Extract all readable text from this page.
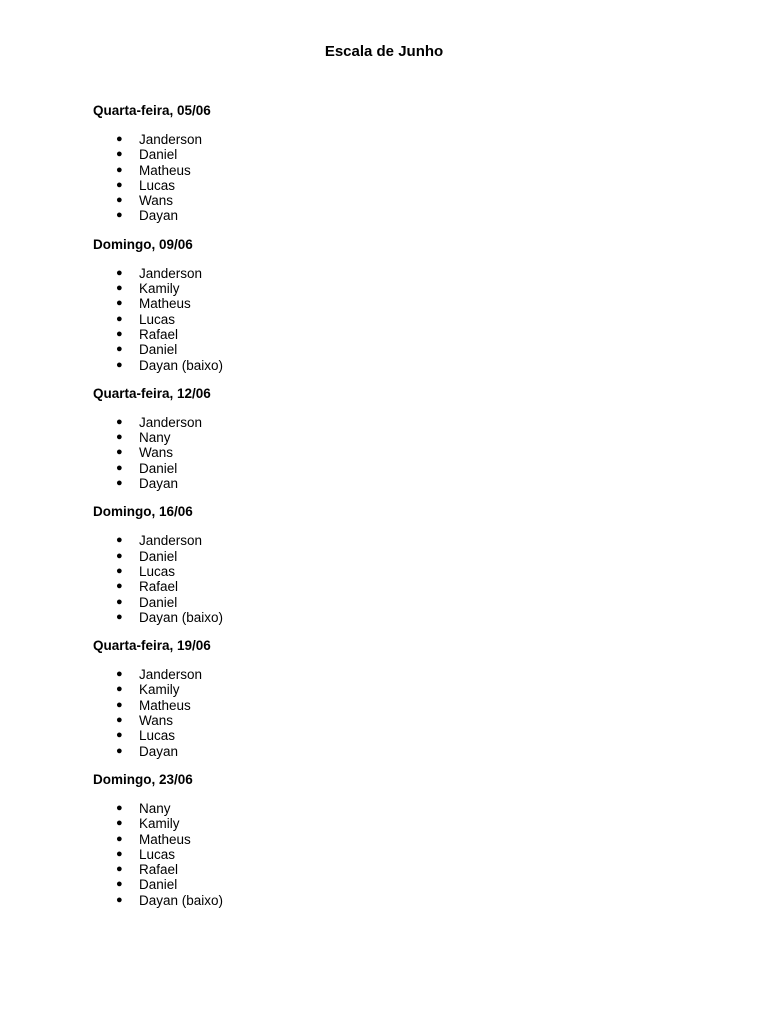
Escala de Junho
Quarta-feira, 05/06
● Janderson
● Daniel
● Matheus
● Lucas
● Wans
● Dayan
Domingo, 09/06
● Janderson
● Kamily
● Matheus
● Lucas
● Rafael
● Daniel
● Dayan (baixo)
Quarta-feira, 12/06
● Janderson
● Nany
● Wans
● Daniel
● Dayan
Domingo, 16/06
● Janderson
● Daniel
● Lucas
● Rafael
● Daniel
● Dayan (baixo)
Quarta-feira, 19/06
● Janderson
● Kamily
● Matheus
● Wans
● Lucas
● Dayan
Domingo, 23/06
● Nany
● Kamily
● Matheus
● Lucas
● Rafael
● Daniel
● Dayan (baixo)
